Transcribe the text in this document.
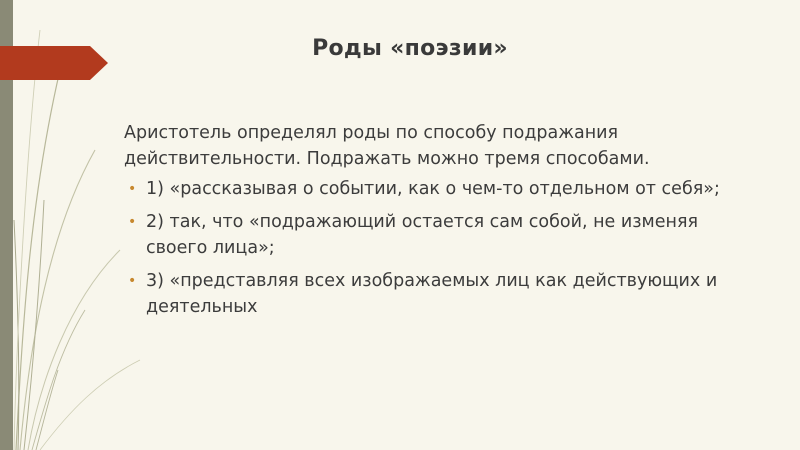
Роды «поэзии»

Аристотель определял роды по способу подражания действительности. Подражать можно тремя способами.

• 1) «рассказывая о событии, как о чем-то отдельном от себя»;
• 2) так, что «подражающий остается сам собой, не изменяя своего лица»;
• 3) «представляя всех изображаемых лиц как действующих и деятельных
